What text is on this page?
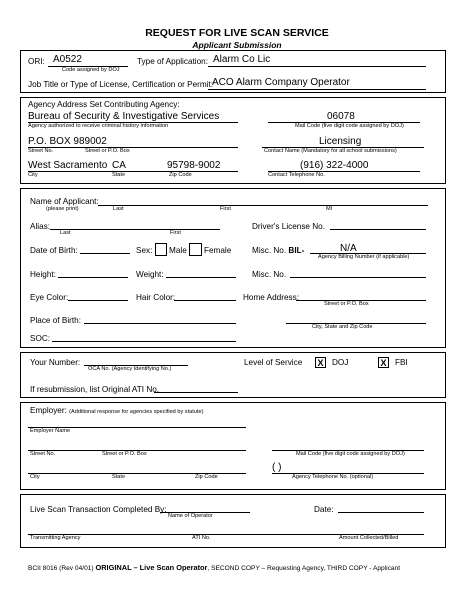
REQUEST FOR LIVE SCAN SERVICE
Applicant Submission
ORI: A0522
Code assigned by DOJ
Type of Application: Alarm Co Lic
Job Title or Type of License, Certification or Permit:
ACO Alarm Company Operator
Agency Address Set Contributing Agency:
Bureau of Security & Investigative Services
Agency authorized to receive criminal history information
06078
Mail Code (five digit code assigned by DOJ)
P.O. BOX 989002
Street No.	Street or P.O. Box
Licensing
Contact Name (Mandatory for all school submissions)
West Sacramento CA	95798-9002
City	State	Zip Code
(916) 322-4000
Contact Telephone No.
Name of Applicant:
(please print)	Last	First	MI
Alias:
Last	First
Driver's License No.
Date of Birth:	Sex: Male Female	Misc. No. BIL-	N/A
Agency Billing Number (if applicable)
Height:	Weight:	Misc. No.
Eye Color:	Hair Color:	Home Address:
Street or P.O. Box
Place of Birth:
City, State and Zip Code
SOC:
Your Number:
OCA No. (Agency Identifying No.)
Level of Service X	DOJ	X	FBI
If resubmission, list Original ATI No.
Employer: (Additional response for agencies specified by statute)
Employer Name
Street No.	Street or P.O. Box	Mail Code (five digit code assigned by DOJ)
City	State	Zip Code
( )
Agency Telephone No. (optional)
Live Scan Transaction Completed By:
Name of Operator
Date:
Transmitting Agency	ATI No.	Amount Collected/Billed
BCII 8016 (Rev 04/01) ORIGINAL – Live Scan Operator, SECOND COPY – Requesting Agency, THIRD COPY - Applicant
